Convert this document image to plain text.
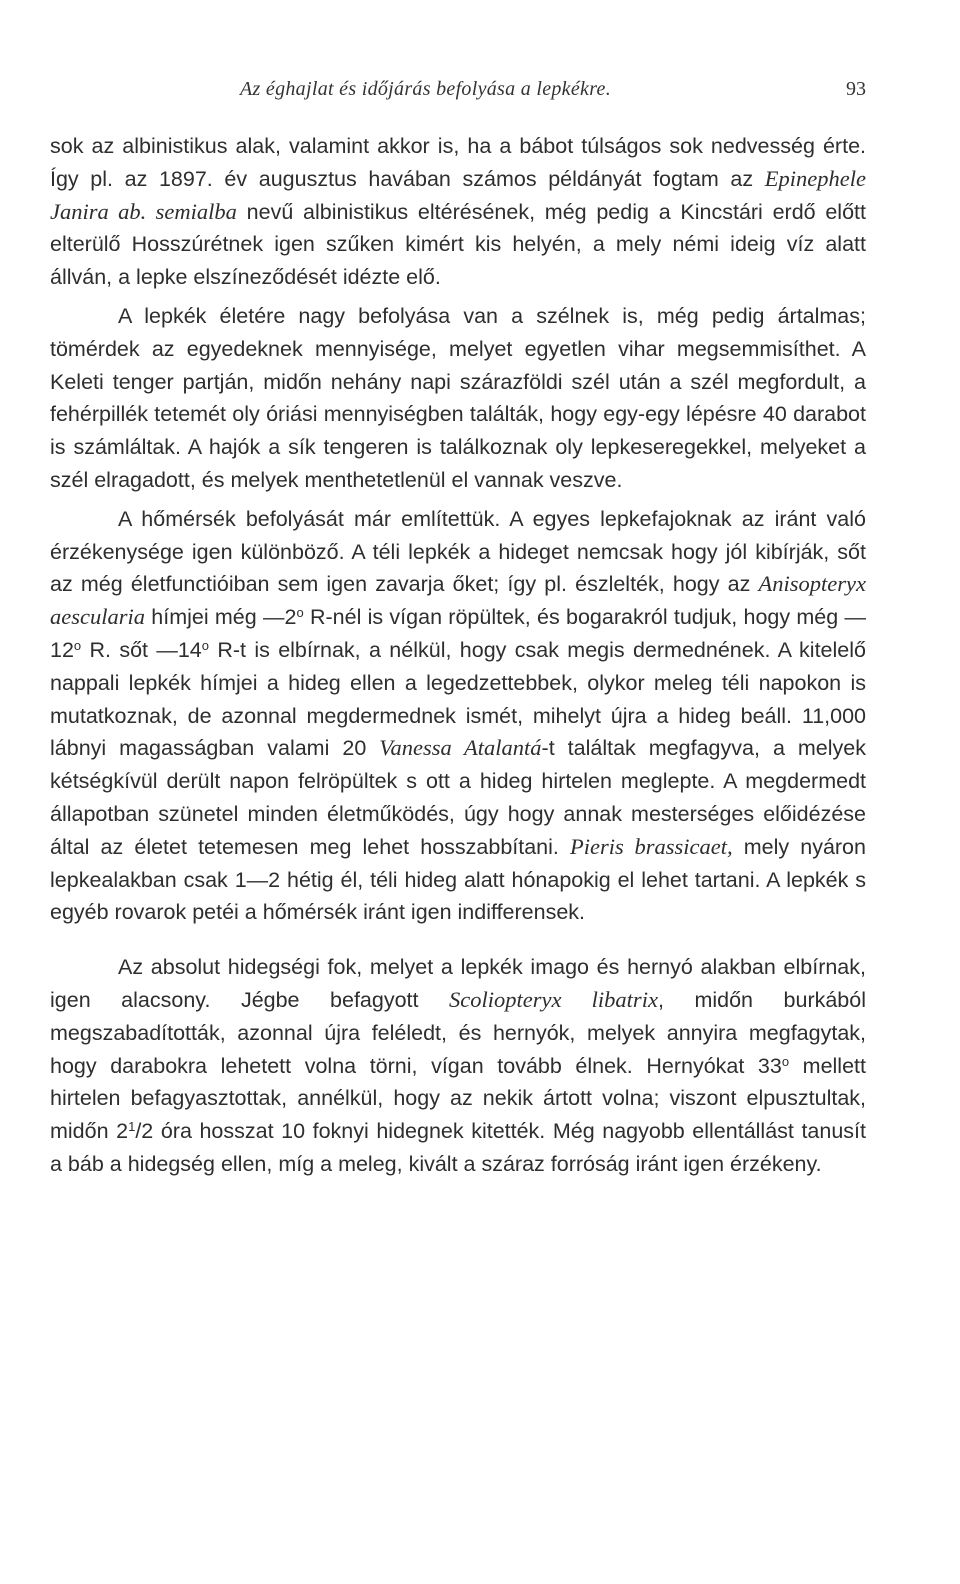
Az éghajlat és időjárás befolyása a lepkékre.	93

sok az albinistikus alak, valamint akkor is, ha a bábot túlságos sok nedvesség érte. Így pl. az 1897. év augusztus havában számos példányát fogtam az Epinephele Janira ab. semialba nevű albinistikus eltérésének, még pedig a Kincstári erdő előtt elterülő Hosszúrétnek igen szűken kimért kis helyén, a mely némi ideig víz alatt állván, a lepke elszíneződését idézte elő.

A lepkék életére nagy befolyása van a szélnek is, még pedig ártalmas; tömérdek az egyedeknek mennyisége, melyet egyetlen vihar megsemmisíthet. A Keleti tenger partján, midőn nehány napi szárazföldi szél után a szél megfordult, a fehérpillék tetemét oly óriási mennyiségben találták, hogy egy-egy lépésre 40 darabot is számláltak. A hajók a sík tengeren is találkoznak oly lepkeseregekkel, melyeket a szél elragadott, és melyek menthetetlenül el vannak veszve.

A hőmérsék befolyását már említettük. A egyes lepkefajoknak az iránt való érzékenysége igen különböző. A téli lepkék a hideget nemcsak hogy jól kibírják, sőt az még életfunctióiban sem igen zavarja őket; így pl. észlelték, hogy az Anisopteryx aescularia hímjei még —2$^o$ R-nél is vígan röpültek, és bogarakról tudjuk, hogy még —12$^o$ R. sőt —14$^o$ R-t is elbírnak, a nélkül, hogy csak megis dermednének. A kitelelő nappali lepkék hímjei a hideg ellen a legedzettebbek, olykor meleg téli napokon is mutatkoznak, de azonnal megdermednek ismét, mihelyt újra a hideg beáll. 11,000 lábnyi magasságban valami 20 Vanessa Atalantá-t találtak megfagyva, a melyek kétségkívül derült napon felröpültek s ott a hideg hirtelen meglepte. A megdermedt állapotban szünetel minden életműködés, úgy hogy annak mesterséges előidézése által az életet tetemesen meg lehet hosszabbítani. Pieris brassicaet, mely nyáron lepkealakban csak 1—2 hétig él, téli hideg alatt hónapokig el lehet tartani. A lepkék s egyéb rovarok petéi a hőmérsék iránt igen indifferensek.

Az absolut hidegségi fok, melyet a lepkék imago és hernyó alakban elbírnak, igen alacsony. Jégbe befagyott Scoliopteryx libatrix, midőn burkából megszabadították, azonnal újra feléledt, és hernyók, melyek annyira megfagytak, hogy darabokra lehetett volna törni, vígan tovább élnek. Hernyókat 33$^o$ mellett hirtelen befagyasztottak, annélkül, hogy az nekik ártott volna; viszont elpusztultak, midőn $2^1/2$ óra hosszat 10 foknyi hidegnek kitették. Még nagyobb ellentállást tanusít a báb a hidegség ellen, míg a meleg, kivált a száraz forróság iránt igen érzékeny.
